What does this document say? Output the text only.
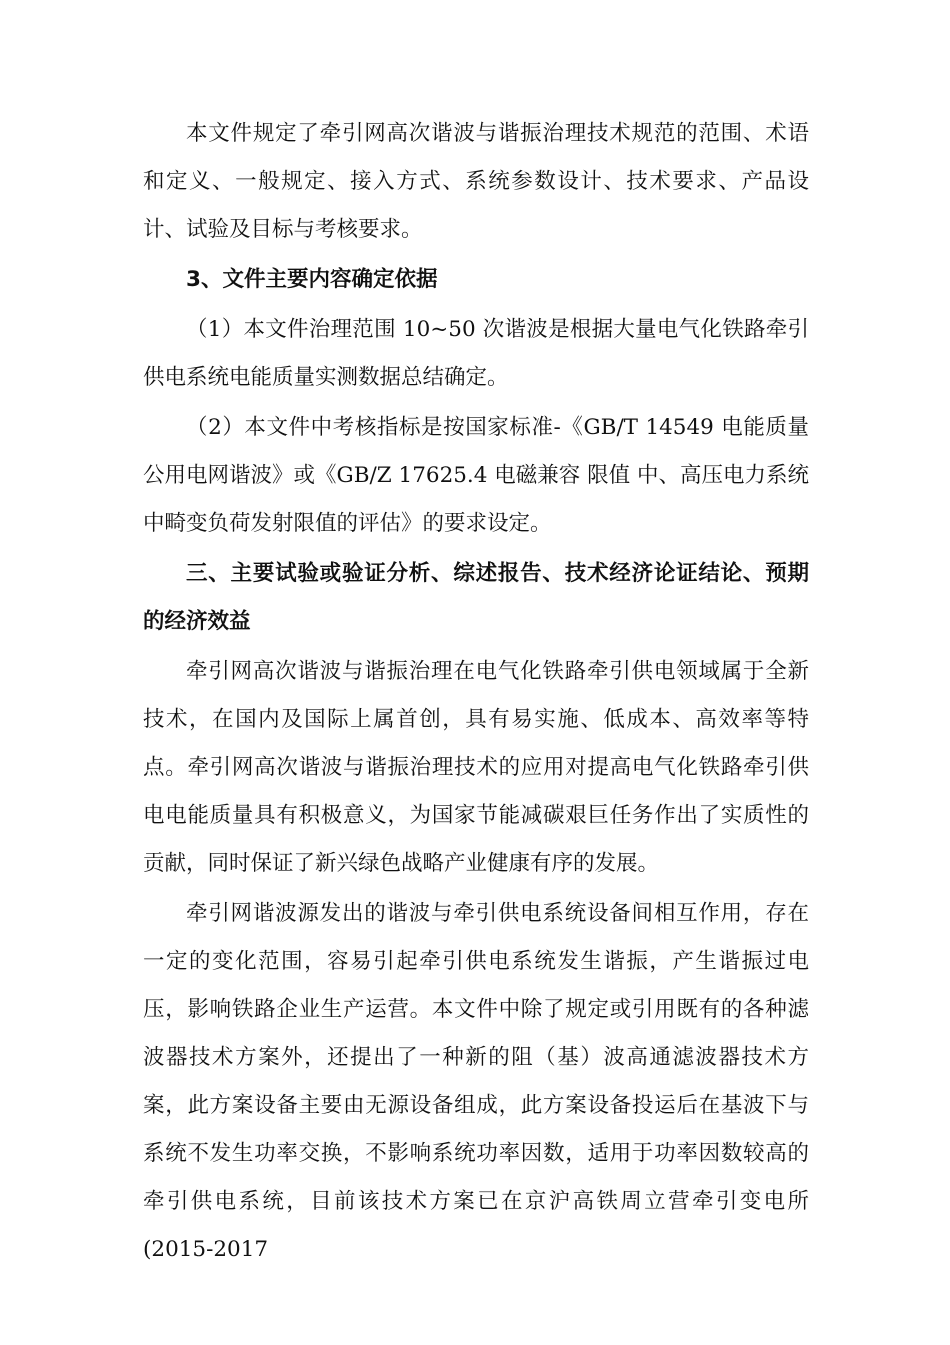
本文件规定了牵引网高次谐波与谐振治理技术规范的范围、术语和定义、一般规定、接入方式、系统参数设计、技术要求、产品设计、试验及目标与考核要求。

3、文件主要内容确定依据

（1）本文件治理范围 10~50 次谐波是根据大量电气化铁路牵引供电系统电能质量实测数据总结确定。

（2）本文件中考核指标是按国家标准-《GB/T 14549 电能质量 公用电网谐波》或《GB/Z 17625.4 电磁兼容 限值 中、高压电力系统中畸变负荷发射限值的评估》的要求设定。

三、主要试验或验证分析、综述报告、技术经济论证结论、预期的经济效益

牵引网高次谐波与谐振治理在电气化铁路牵引供电领域属于全新技术，在国内及国际上属首创，具有易实施、低成本、高效率等特点。牵引网高次谐波与谐振治理技术的应用对提高电气化铁路牵引供电电能质量具有积极意义，为国家节能减碳艰巨任务作出了实质性的贡献，同时保证了新兴绿色战略产业健康有序的发展。

牵引网谐波源发出的谐波与牵引供电系统设备间相互作用，存在一定的变化范围，容易引起牵引供电系统发生谐振，产生谐振过电压，影响铁路企业生产运营。本文件中除了规定或引用既有的各种滤波器技术方案外，还提出了一种新的阻（基）波高通滤波器技术方案，此方案设备主要由无源设备组成，此方案设备投运后在基波下与系统不发生功率交换，不影响系统功率因数，适用于功率因数较高的牵引供电系统，目前该技术方案已在京沪高铁周立营牵引变电所(2015-2017
